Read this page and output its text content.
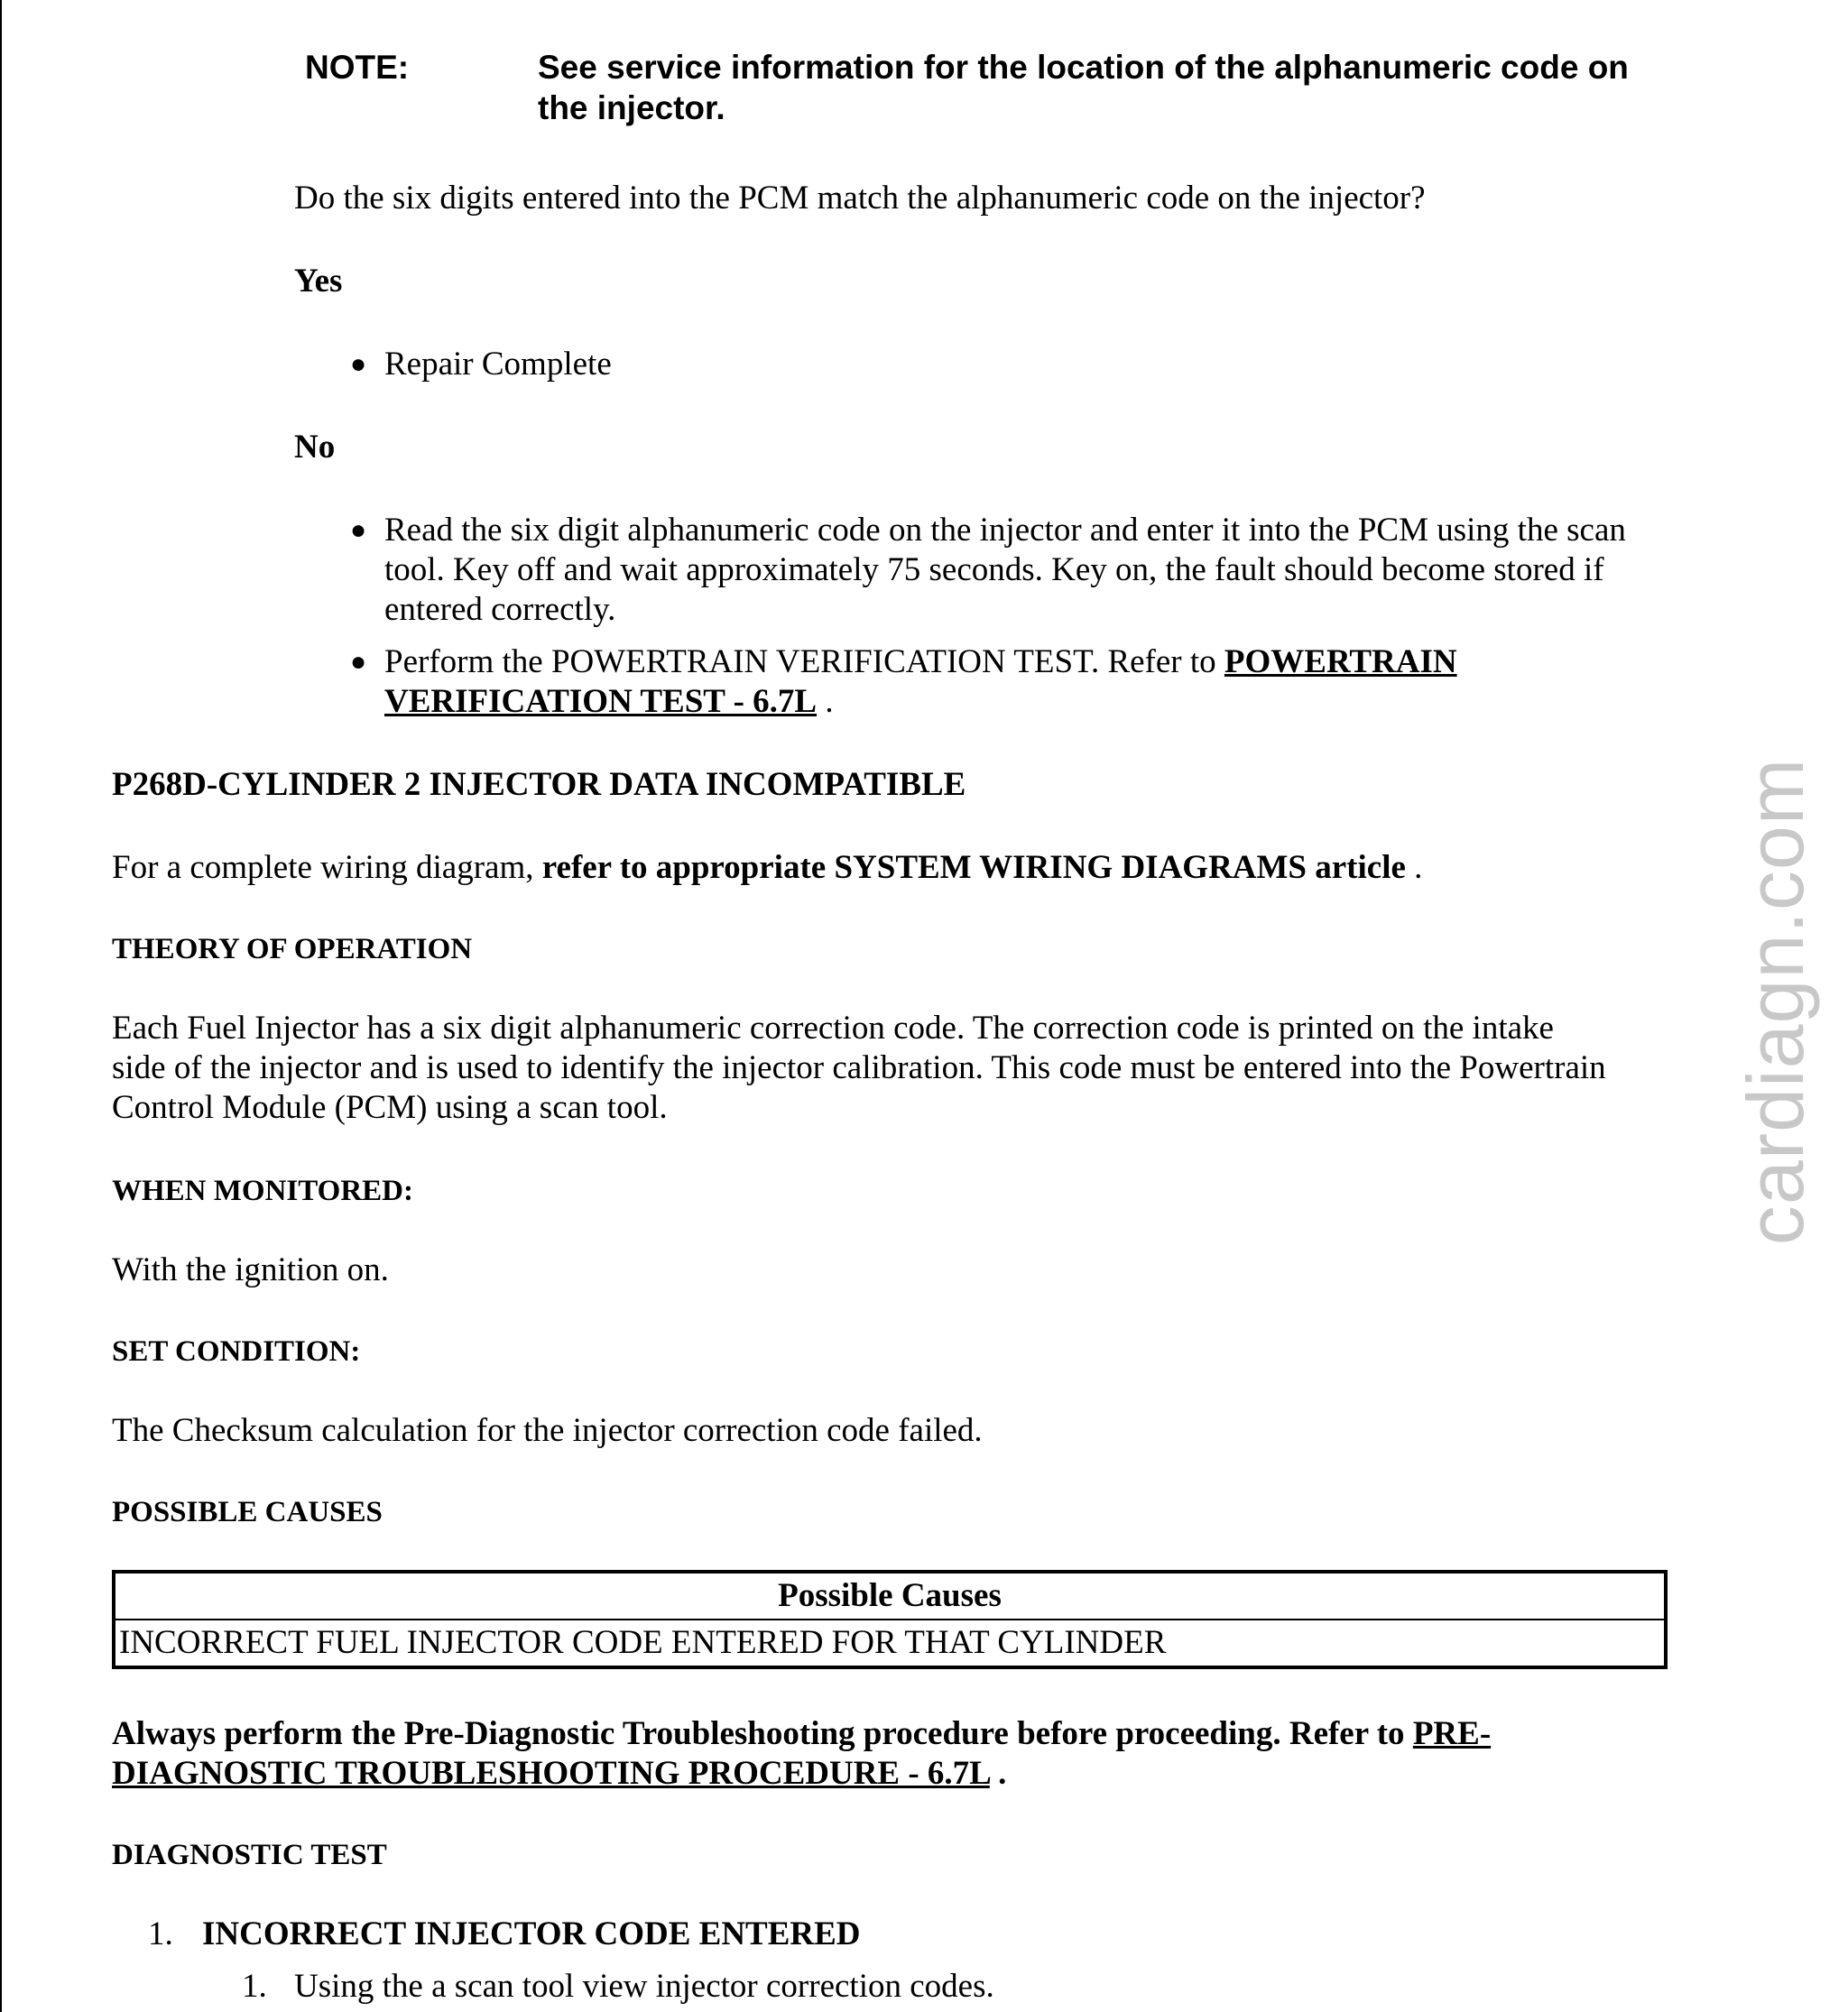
NOTE:	See service information for the location of the alphanumeric code on
the injector.
Do the six digits entered into the PCM match the alphanumeric code on the injector?
Yes
● Repair Complete
No
● Read the six digit alphanumeric code on the injector and enter it into the PCM using the scan
tool. Key off and wait approximately 75 seconds. Key on, the fault should become stored if
entered correctly.
● Perform the POWERTRAIN VERIFICATION TEST. Refer to POWERTRAIN
VERIFICATION TEST - 6.7L .
P268D-CYLINDER 2 INJECTOR DATA INCOMPATIBLE
For a complete wiring diagram, refer to appropriate SYSTEM WIRING DIAGRAMS article .
THEORY OF OPERATION
Each Fuel Injector has a six digit alphanumeric correction code. The correction code is printed on the intake
side of the injector and is used to identify the injector calibration. This code must be entered into the Powertrain
Control Module (PCM) using a scan tool.
WHEN MONITORED:
With the ignition on.
SET CONDITION:
The Checksum calculation for the injector correction code failed.
POSSIBLE CAUSES
Possible Causes
INCORRECT FUEL INJECTOR CODE ENTERED FOR THAT CYLINDER
Always perform the Pre-Diagnostic Troubleshooting procedure before proceeding. Refer to PRE-
DIAGNOSTIC TROUBLESHOOTING PROCEDURE - 6.7L .
DIAGNOSTIC TEST
1. INCORRECT INJECTOR CODE ENTERED
1. Using the a scan tool view injector correction codes.
cardiagn.com
